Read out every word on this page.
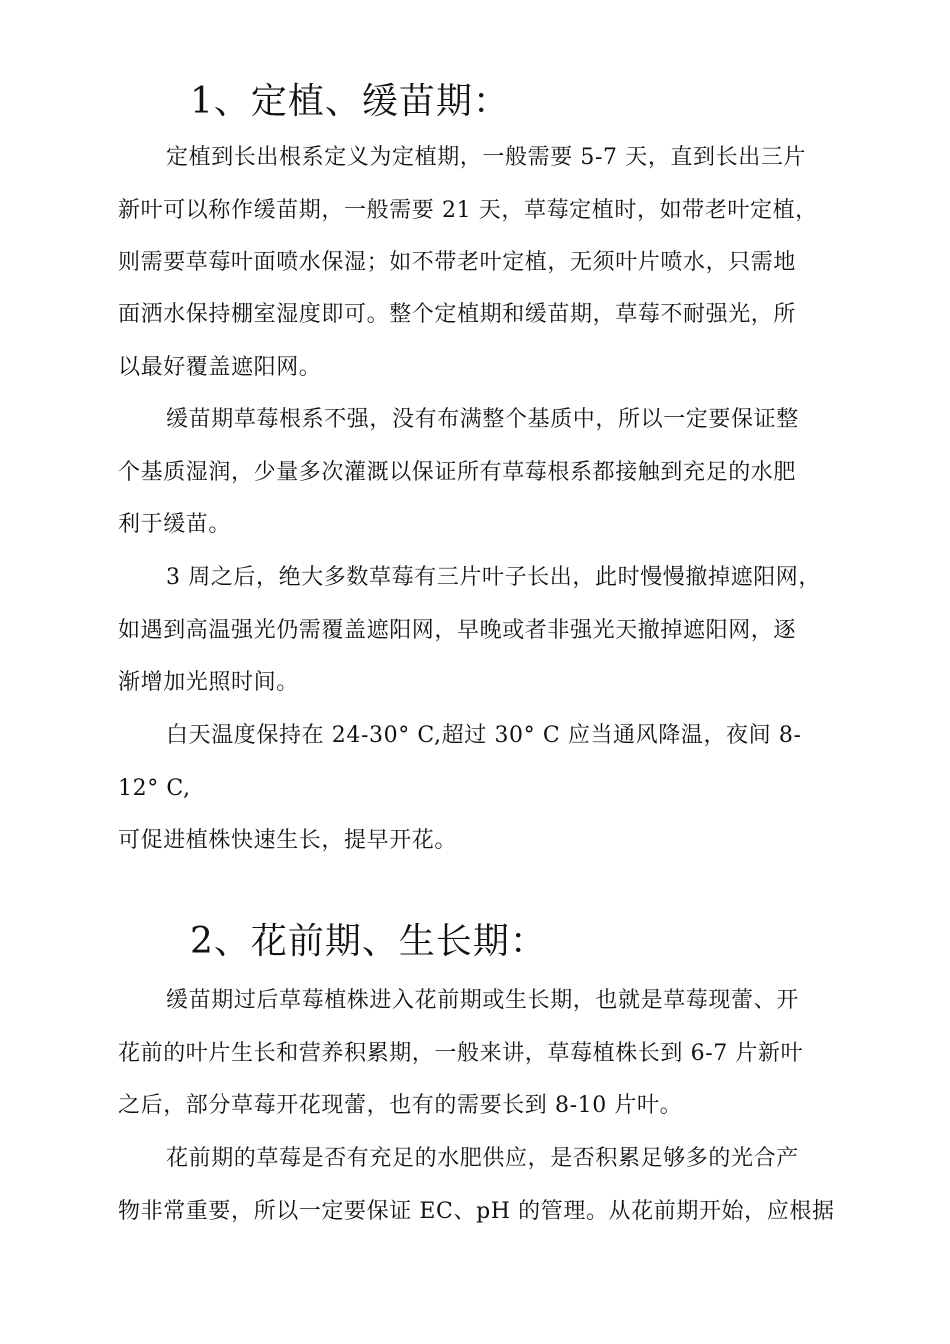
1、定植、缓苗期：
定植到长出根系定义为定植期，一般需要 5-7 天，直到长出三片
新叶可以称作缓苗期，一般需要 21 天，草莓定植时，如带老叶定植，
则需要草莓叶面喷水保湿；如不带老叶定植，无须叶片喷水，只需地
面洒水保持棚室湿度即可。整个定植期和缓苗期，草莓不耐强光，所
以最好覆盖遮阳网。
缓苗期草莓根系不强，没有布满整个基质中，所以一定要保证整
个基质湿润，少量多次灌溉以保证所有草莓根系都接触到充足的水肥
利于缓苗。
3 周之后，绝大多数草莓有三片叶子长出，此时慢慢撤掉遮阳网，
如遇到高温强光仍需覆盖遮阳网，早晚或者非强光天撤掉遮阳网，逐
渐增加光照时间。
白天温度保持在 24-30° C,超过 30° C 应当通风降温，夜间 8-
12° C,
可促进植株快速生长，提早开花。
2、花前期、生长期：
缓苗期过后草莓植株进入花前期或生长期，也就是草莓现蕾、开
花前的叶片生长和营养积累期，一般来讲，草莓植株长到 6-7 片新叶
之后，部分草莓开花现蕾，也有的需要长到 8-10 片叶。
花前期的草莓是否有充足的水肥供应，是否积累足够多的光合产
物非常重要，所以一定要保证 EC、pH 的管理。从花前期开始，应根据
